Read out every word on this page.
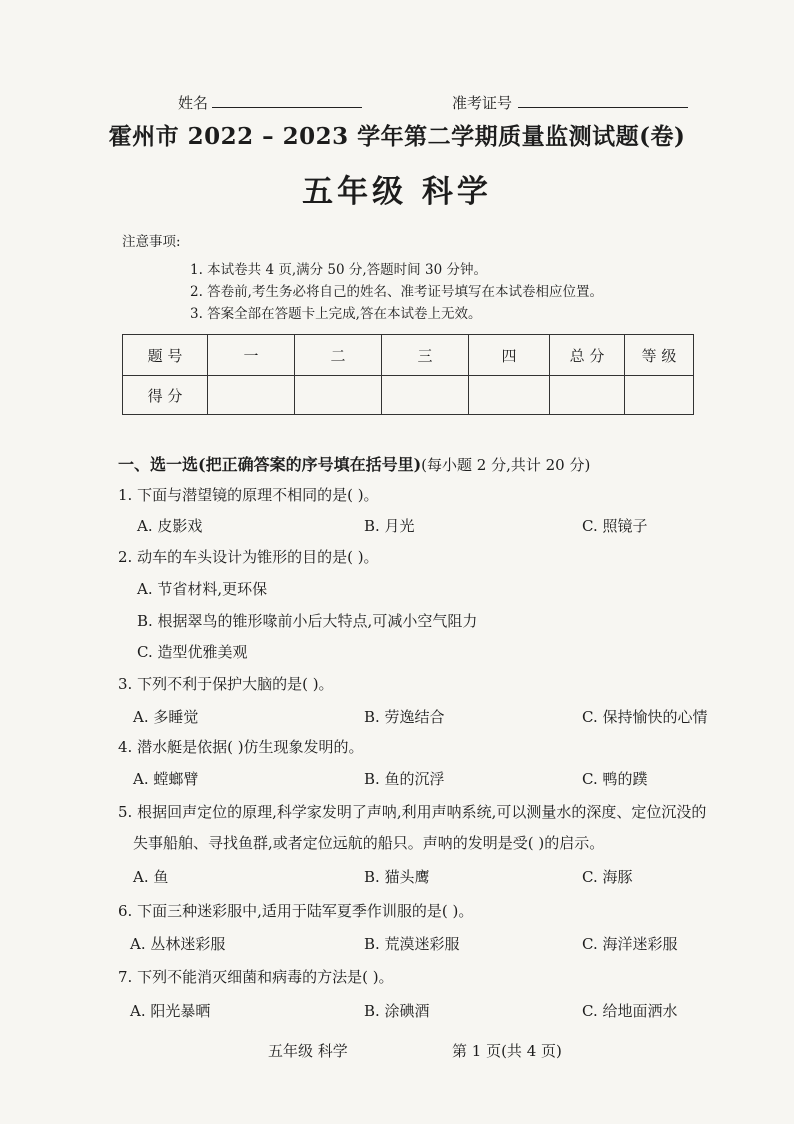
姓名	准考证号
霍州市 2022 – 2023 学年第二学期质量监测试题(卷)
五年级 科学
注意事项:
1. 本试卷共 4 页,满分 50 分,答题时间 30 分钟。
2. 答卷前,考生务必将自己的姓名、准考证号填写在本试卷相应位置。
3. 答案全部在答题卡上完成,答在本试卷上无效。
题 号	一	二	三	四	总 分	等 级
得 分						
一、选一选(把正确答案的序号填在括号里)(每小题 2 分,共计 20 分)
1. 下面与潜望镜的原理不相同的是( )。
A. 皮影戏	B. 月光	C. 照镜子
2. 动车的车头设计为锥形的目的是( )。
A. 节省材料,更环保
B. 根据翠鸟的锥形喙前小后大特点,可减小空气阻力
C. 造型优雅美观
3. 下列不利于保护大脑的是( )。
A. 多睡觉	B. 劳逸结合	C. 保持愉快的心情
4. 潜水艇是依据( )仿生现象发明的。
A. 螳螂臂	B. 鱼的沉浮	C. 鸭的蹼
5. 根据回声定位的原理,科学家发明了声呐,利用声呐系统,可以测量水的深度、定位沉没的
失事船舶、寻找鱼群,或者定位远航的船只。声呐的发明是受( )的启示。
A. 鱼	B. 猫头鹰	C. 海豚
6. 下面三种迷彩服中,适用于陆军夏季作训服的是( )。
A. 丛林迷彩服	B. 荒漠迷彩服	C. 海洋迷彩服
7. 下列不能消灭细菌和病毒的方法是( )。
A. 阳光暴晒	B. 涂碘酒	C. 给地面洒水
五年级 科学	第 1 页(共 4 页)
